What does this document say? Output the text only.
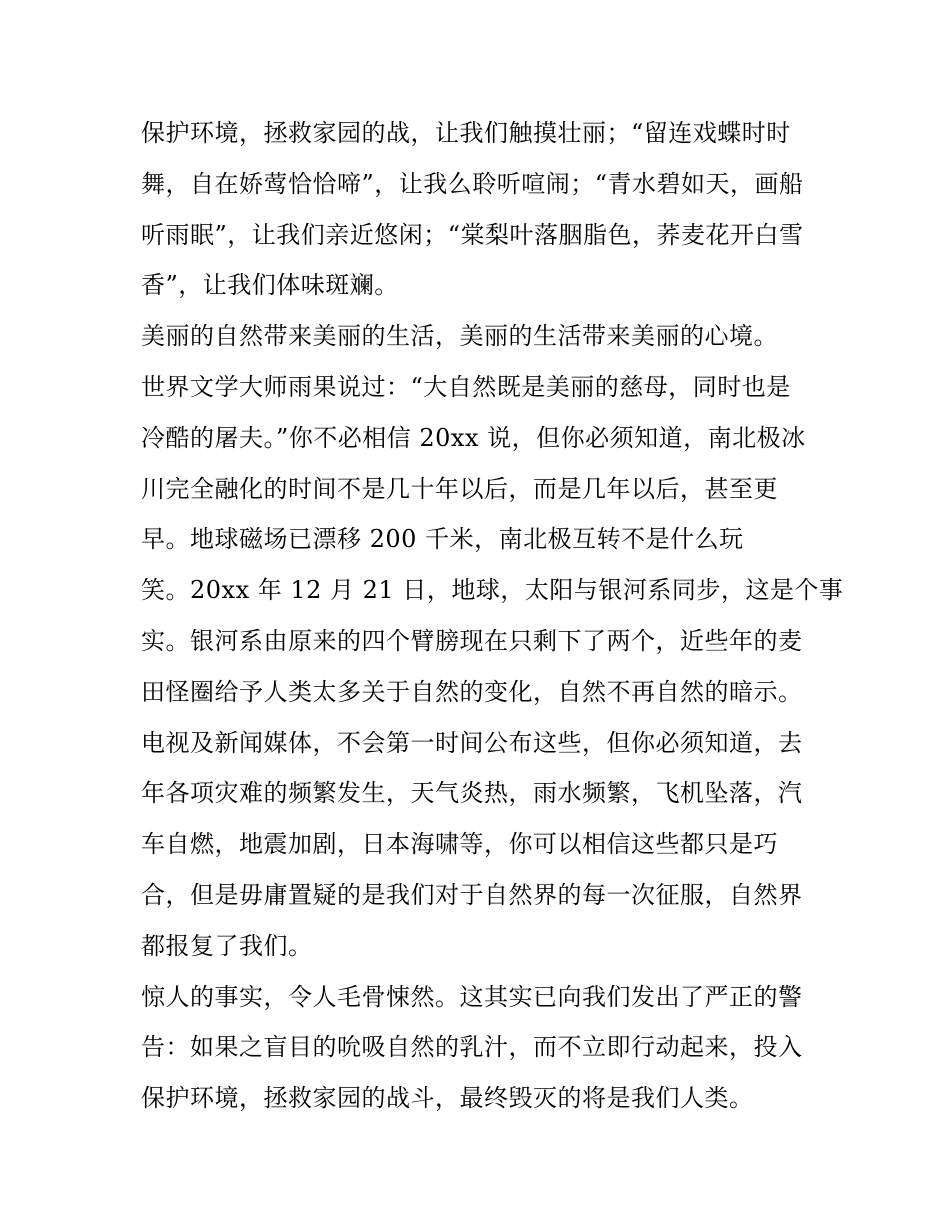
保护环境，拯救家园的战，让我们触摸壮丽；“留连戏蝶时时
舞，自在娇莺恰恰啼”，让我么聆听喧闹；“青水碧如天，画船
听雨眠”，让我们亲近悠闲；“棠梨叶落胭脂色，荞麦花开白雪
香”，让我们体味斑斓。
美丽的自然带来美丽的生活，美丽的生活带来美丽的心境。
世界文学大师雨果说过：“大自然既是美丽的慈母，同时也是
冷酷的屠夫。”你不必相信 20xx 说，但你必须知道，南北极冰
川完全融化的时间不是几十年以后，而是几年以后，甚至更
早。地球磁场已漂移 200 千米，南北极互转不是什么玩
笑。20xx 年 12 月 21 日，地球，太阳与银河系同步，这是个事
实。银河系由原来的四个臂膀现在只剩下了两个，近些年的麦
田怪圈给予人类太多关于自然的变化，自然不再自然的暗示。
电视及新闻媒体，不会第一时间公布这些，但你必须知道，去
年各项灾难的频繁发生，天气炎热，雨水频繁，飞机坠落，汽
车自燃，地震加剧，日本海啸等，你可以相信这些都只是巧
合，但是毋庸置疑的是我们对于自然界的每一次征服，自然界
都报复了我们。
惊人的事实，令人毛骨悚然。这其实已向我们发出了严正的警
告：如果之盲目的吮吸自然的乳汁，而不立即行动起来，投入
保护环境，拯救家园的战斗，最终毁灭的将是我们人类。
